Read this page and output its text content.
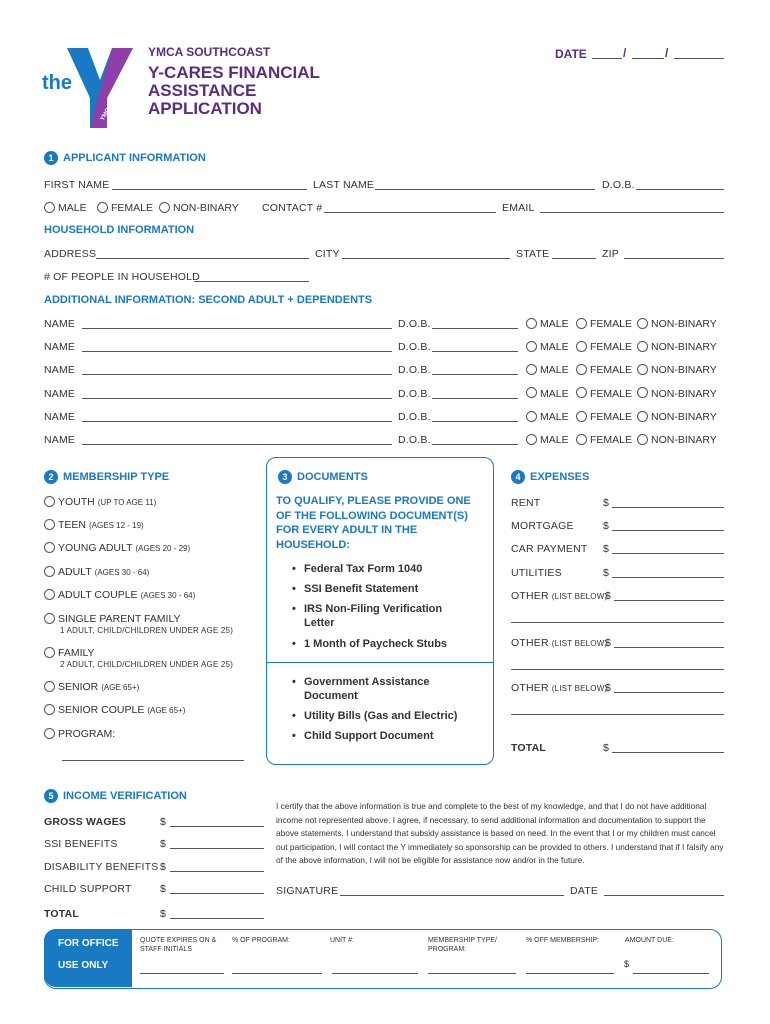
the
YMCA
YMCA SOUTHCOAST
Y-CARES FINANCIAL
ASSISTANCE
APPLICATION
DATE	/	/
1 APPLICANT INFORMATION
FIRST NAME	LAST NAME	D.O.B.
MALE	FEMALE	NON-BINARY CONTACT #	EMAIL
HOUSEHOLD INFORMATION
ADDRESS	CITY	STATE	ZIP
# OF PEOPLE IN HOUSEHOLD
ADDITIONAL INFORMATION: SECOND ADULT + DEPENDENTS
NAME	D.O.B.	MALE	FEMALE	NON-BINARY
NAME	D.O.B.	MALE	FEMALE	NON-BINARY
NAME	D.O.B.	MALE	FEMALE	NON-BINARY
NAME	D.O.B.	MALE	FEMALE	NON-BINARY
NAME	D.O.B.	MALE	FEMALE	NON-BINARY
NAME	D.O.B.	MALE	FEMALE	NON-BINARY
2 MEMBERSHIP TYPE
YOUTH (UP TO AGE 11)
TEEN (AGES 12 - 19)
YOUNG ADULT (AGES 20 - 29)
ADULT (AGES 30 - 64)
ADULT COUPLE (AGES 30 - 64)
SINGLE PARENT FAMILY
1 ADULT, CHILD/CHILDREN UNDER AGE 25)
FAMILY
2 ADULT, CHILD/CHILDREN UNDER AGE 25)
SENIOR (AGE 65+)
SENIOR COUPLE (AGE 65+)
PROGRAM:
3 DOCUMENTS
TO QUALIFY, PLEASE PROVIDE ONE OF THE FOLLOWING DOCUMENT(S) FOR EVERY ADULT IN THE HOUSEHOLD:
• Federal Tax Form 1040
• SSI Benefit Statement
• IRS Non-Filing Verification Letter
• 1 Month of Paycheck Stubs
• Government Assistance Document
• Utility Bills (Gas and Electric)
• Child Support Document
4 EXPENSES
RENT	$
MORTGAGE	$
CAR PAYMENT $
UTILITIES	$
OTHER (LIST BELOW)
$
OTHER (LIST BELOW)
$
OTHER (LIST BELOW)
$
TOTAL	$
5 INCOME VERIFICATION
GROSS WAGES	$
SSI BENEFITS	$
DISABILITY BENEFITS $
CHILD SUPPORT	$
TOTAL	$
I certify that the above information is true and complete to the best of my knowledge, and that I do not have additional income not represented above. I agree, if necessary, to send additional information and documentation to support the above statements. I understand that subsidy assistance is based on need. In the event that I or my children must cancel out participation, I will contact the Y immediately so sponsorship can be provided to others. I understand that if I falsify any of the above information, I will not be eligible for assistance now and/or in the future.
SIGNATURE	DATE
FOR OFFICE
USE ONLY
QUOTE EXPIRES ON & STAFF INITIALS
% OF PROGRAM:	UNIT #:	MEMBERSHIP TYPE/ PROGRAM:
% OFF MEMBERSHIP:	AMOUNT DUE:
$
